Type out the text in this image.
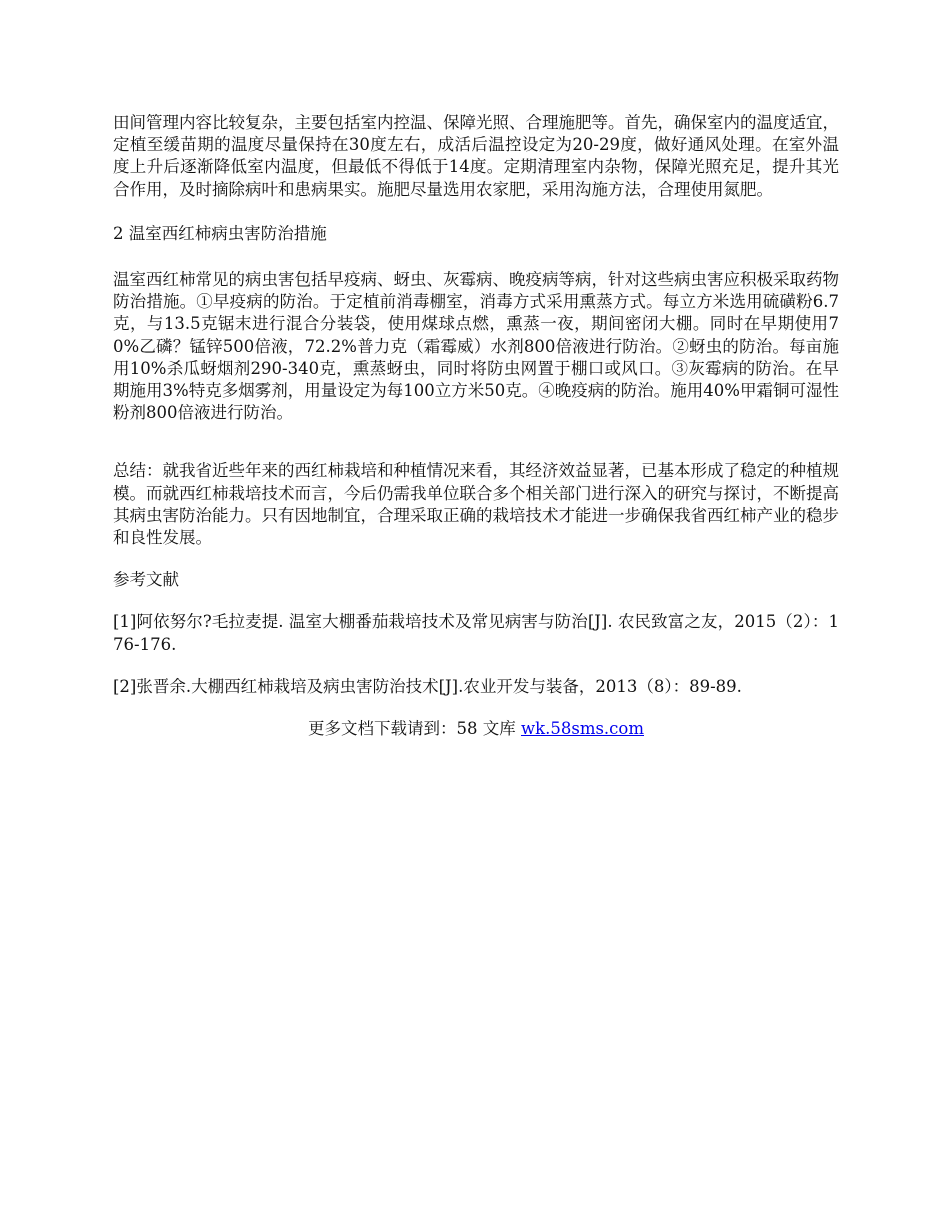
田间管理内容比较复杂，主要包括室内控温、保障光照、合理施肥等。首先，确保室内的温度适宜，定植至缓苗期的温度尽量保持在30度左右，成活后温控设定为20-29度，做好通风处理。在室外温度上升后逐渐降低室内温度，但最低不得低于14度。定期清理室内杂物，保障光照充足，提升其光合作用，及时摘除病叶和患病果实。施肥尽量选用农家肥，采用沟施方法，合理使用氮肥。

2 温室西红柿病虫害防治措施

温室西红柿常见的病虫害包括早疫病、蚜虫、灰霉病、晚疫病等病，针对这些病虫害应积极采取药物防治措施。①早疫病的防治。于定植前消毒棚室，消毒方式采用熏蒸方式。每立方米选用硫磺粉6.7克，与13.5克锯末进行混合分装袋，使用煤球点燃，熏蒸一夜，期间密闭大棚。同时在早期使用70%乙磷？锰锌500倍液，72.2%普力克（霜霉威）水剂800倍液进行防治。②蚜虫的防治。每亩施用10%杀瓜蚜烟剂290-340克，熏蒸蚜虫，同时将防虫网置于棚口或风口。③灰霉病的防治。在早期施用3%特克多烟雾剂，用量设定为每100立方米50克。④晚疫病的防治。施用40%甲霜铜可湿性粉剂800倍液进行防治。

总结：就我省近些年来的西红柿栽培和种植情况来看，其经济效益显著，已基本形成了稳定的种植规模。而就西红柿栽培技术而言，今后仍需我单位联合多个相关部门进行深入的研究与探讨，不断提高其病虫害防治能力。只有因地制宜，合理采取正确的栽培技术才能进一步确保我省西红柿产业的稳步和良性发展。

参考文献

[1]阿依努尔?毛拉麦提. 温室大棚番茄栽培技术及常见病害与防治[J]. 农民致富之友，2015（2）：176-176.

[2]张晋余.大棚西红柿栽培及病虫害防治技术[J].农业开发与装备，2013（8）：89-89.

更多文档下载请到：58 文库 wk.58sms.com
